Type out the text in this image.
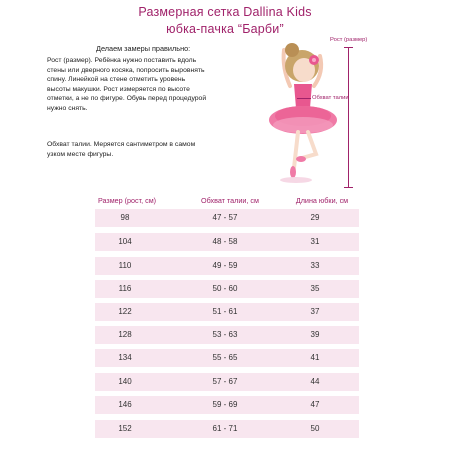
Размерная сетка Dallina Kids
юбка-пачка “Барби”
Делаем замеры правильно:
Рост (размер). Ребёнка нужно поставить вдоль стены или дверного косяка, попросить выровнять спину. Линейкой на стене отметить уровень высоты макушки. Рост измеряется по высоте отметки, а не по фигуре. Обувь перед процедурой нужно снять.
Обхват талии. Меряется сантиметром в самом узком месте фигуры.
Рост (размер)
Обхват талии
Размер (рост, см)	Обхват талии, см	Длина юбки, см
98	47 - 57	29
104	48 - 58	31
110	49 - 59	33
116	50 - 60	35
122	51 - 61	37
128	53 - 63	39
134	55 - 65	41
140	57 - 67	44
146	59 - 69	47
152	61 - 71	50
